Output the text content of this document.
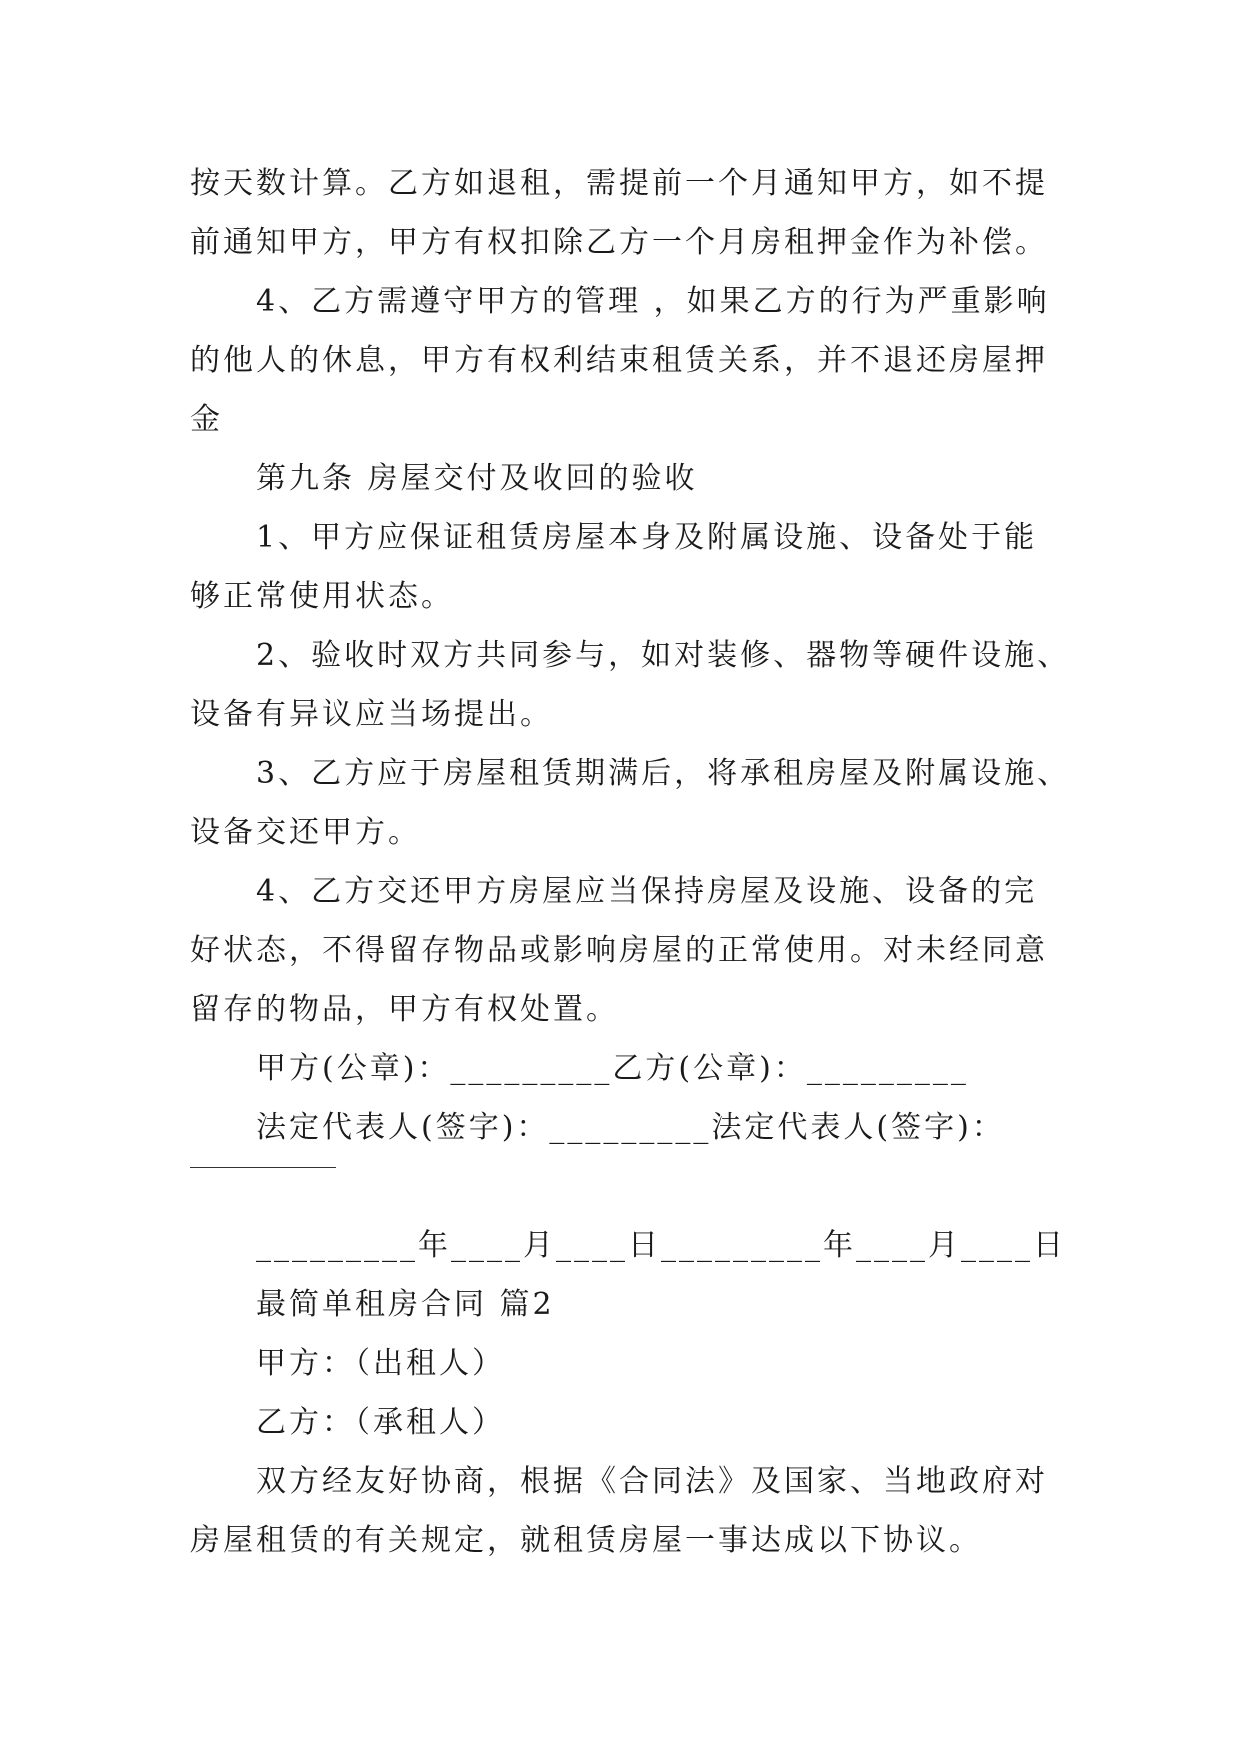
按天数计算。乙方如退租，需提前一个月通知甲方，如不提
前通知甲方，甲方有权扣除乙方一个月房租押金作为补偿。
4、乙方需遵守甲方的管理 ，如果乙方的行为严重影响
的他人的休息，甲方有权利结束租赁关系，并不退还房屋押
金
第九条 房屋交付及收回的验收
1、甲方应保证租赁房屋本身及附属设施、设备处于能
够正常使用状态。
2、验收时双方共同参与，如对装修、器物等硬件设施、
设备有异议应当场提出。
3、乙方应于房屋租赁期满后，将承租房屋及附属设施、
设备交还甲方。
4、乙方交还甲方房屋应当保持房屋及设施、设备的完
好状态，不得留存物品或影响房屋的正常使用。对未经同意
留存的物品，甲方有权处置。
甲方(公章)：_________乙方(公章)：_________
法定代表人(签字)：_________法定代表人(签字)：
_________年____月____日_________年____月____日
最简单租房合同 篇2
甲方：（出租人）
乙方：（承租人）
双方经友好协商，根据《合同法》及国家、当地政府对
房屋租赁的有关规定，就租赁房屋一事达成以下协议。
